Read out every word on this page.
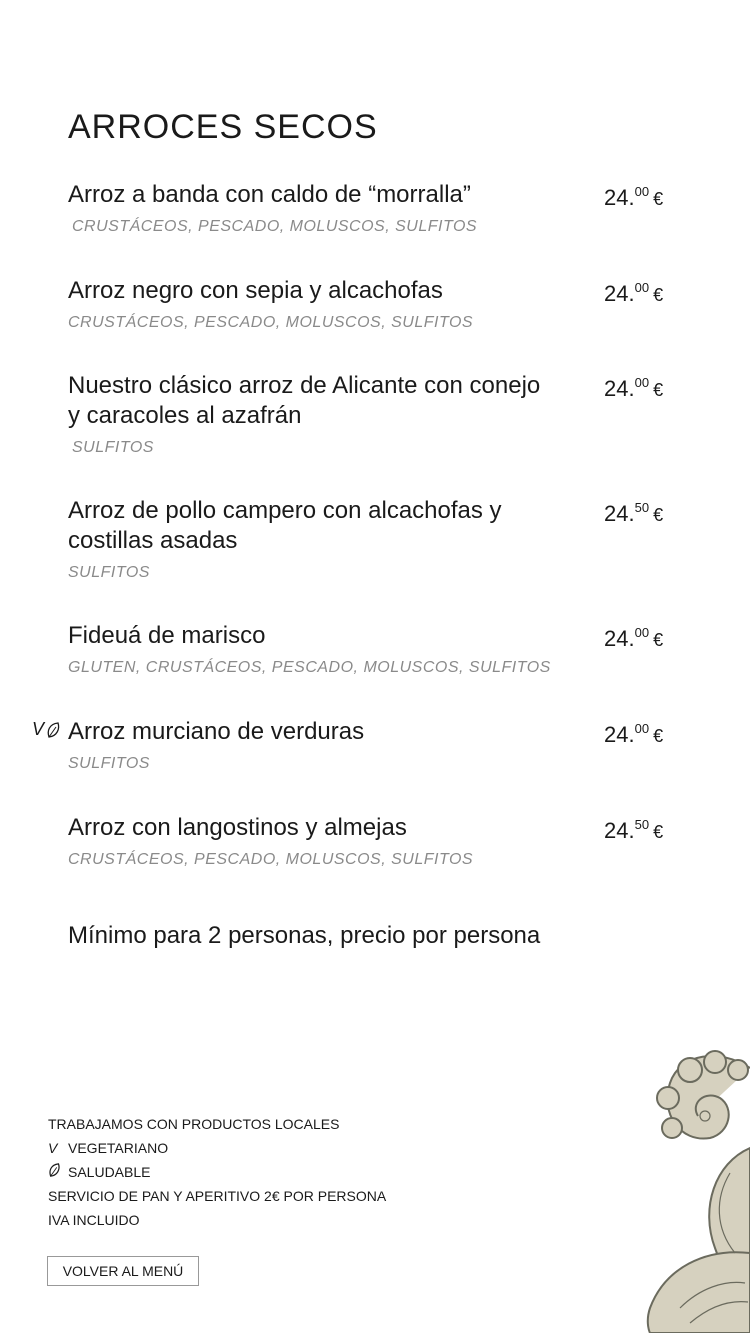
ARROCES SECOS
Arroz a banda con caldo de “morralla”
CRUSTÁCEOS, PESCADO, MOLUSCOS, SULFITOS
24.00 €
Arroz negro con sepia y alcachofas
CRUSTÁCEOS, PESCADO, MOLUSCOS, SULFITOS
24.00 €
Nuestro clásico arroz de Alicante con conejo y caracoles al azafrán
SULFITOS
24.00 €
Arroz de pollo campero con alcachofas y costillas asadas
SULFITOS
24.50 €
Fideuá de marisco
GLUTEN, CRUSTÁCEOS, PESCADO, MOLUSCOS, SULFITOS
24.00 €
V Arroz murciano de verduras
SULFITOS
24.00 €
Arroz con langostinos y almejas
CRUSTÁCEOS, PESCADO, MOLUSCOS, SULFITOS
24.50 €
Mínimo para 2 personas, precio por persona
TRABAJAMOS CON PRODUCTOS LOCALES
V VEGETARIANO
SALUDABLE
SERVICIO DE PAN Y APERITIVO 2€ POR PERSONA
IVA INCLUIDO
VOLVER AL MENÚ
